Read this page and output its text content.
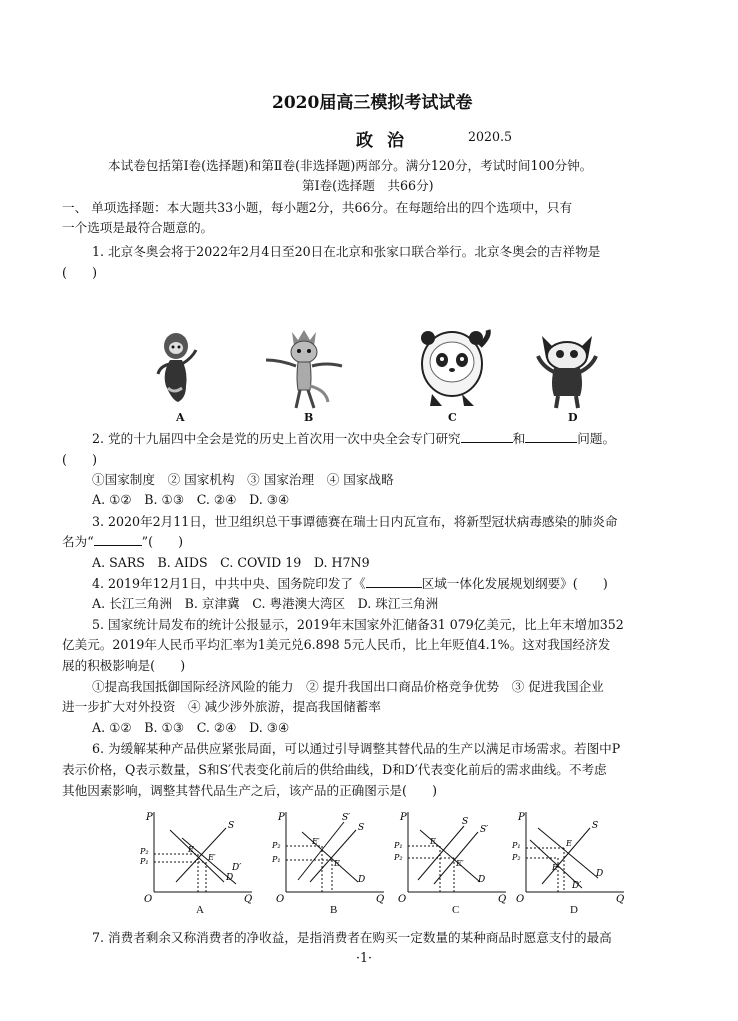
2020届高三模拟考试试卷
政治	2020.5
本试卷包括第Ⅰ卷(选择题)和第Ⅱ卷(非选择题)两部分。满分120分，考试时间100分钟。
第Ⅰ卷(选择题　共66分)
一、 单项选择题：本大题共33小题，每小题2分，共66分。在每题给出的四个选项中，只有
一个选项是最符合题意的。
1. 北京冬奥会将于2022年2月4日至20日在北京和张家口联合举行。北京冬奥会的吉祥物是
(　　)
A	B	C	D
2. 党的十九届四中全会是党的历史上首次用一次中央全会专门研究	和	问题。
(　　)
①国家制度　② 国家机构　③ 国家治理　④ 国家战略
A. ①②　B. ①③　C. ②④　D. ③④
3. 2020年2月11日，世卫组织总干事谭德赛在瑞士日内瓦宣布，将新型冠状病毒感染的肺炎命
名为“	”(　　)
A. SARS　B. AIDS　C. COVID 19　D. H7N9
4. 2019年12月1日，中共中央、国务院印发了《	区域一体化发展规划纲要》(　　)
A. 长江三角洲　B. 京津冀　C. 粤港澳大湾区　D. 珠江三角洲
5. 国家统计局发布的统计公报显示，2019年末国家外汇储备31 079亿美元，比上年末增加352
亿美元。2019年人民币平均汇率为1美元兑6.898 5元人民币，比上年贬值4.1%。这对我国经济发
展的积极影响是(　　)
①提高我国抵御国际经济风险的能力　② 提升我国出口商品价格竞争优势　③ 促进我国企业
进一步扩大对外投资　④ 减少涉外旅游，提高我国储蓄率
A. ①②　B. ①③　C. ②④　D. ③④
6. 为缓解某种产品供应紧张局面，可以通过引导调整其替代品的生产以满足市场需求。若图中P
表示价格，Q表示数量，S和S′代表变化前后的供给曲线，D和D′代表变化前后的需求曲线。不考虑
其他因素影响，调整其替代品生产之后，该产品的正确图示是(　　)
P
Q
O
S
D
D′
P₂
P₁
E
E′
A
P
Q
O
S
S′
D
P₂
P₁
E′
E
B
P
Q
O
S
S′
D
P₁
P₂
E
E′
C
P
Q
O
S
D
D′
P₁
P₂
E
E′
D
7. 消费者剩余又称消费者的净收益，是指消费者在购买一定数量的某种商品时愿意支付的最高
·1·
